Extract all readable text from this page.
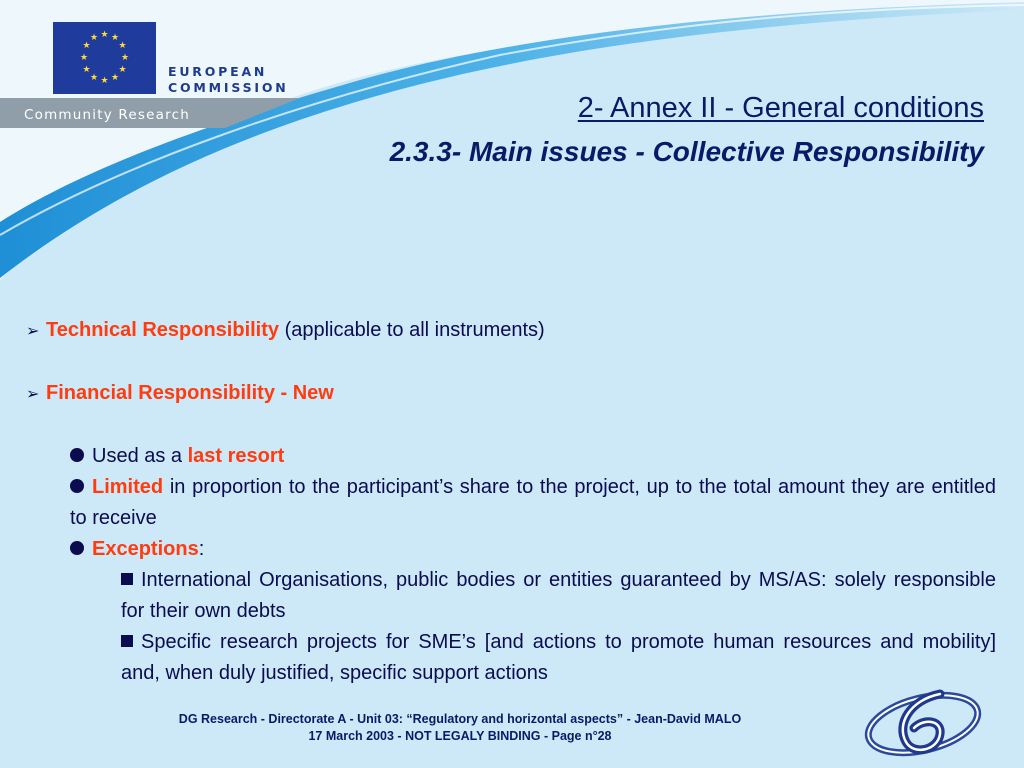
★ ★
★
★
★
★
★
★
★
★
★
★
EUROPEAN
COMMISSION
Community Research	2- Annex II - General conditions
2.3.3- Main issues - Collective Responsibility
➢ Technical Responsibility (applicable to all instruments)
➢ Financial Responsibility - New
Used as a last resort
Limited in proportion to the participant’s share to the project, up to the total amount they are entitled to receive
Exceptions:
International Organisations, public bodies or entities guaranteed by MS/AS: solely responsible for their own debts
Specific research projects for SME’s [and actions to promote human resources and mobility] and, when duly justified, specific support actions
DG Research - Directorate A - Unit 03: “Regulatory and horizontal aspects” - Jean-David MALO
17 March 2003 - NOT LEGALY BINDING - Page n°28
